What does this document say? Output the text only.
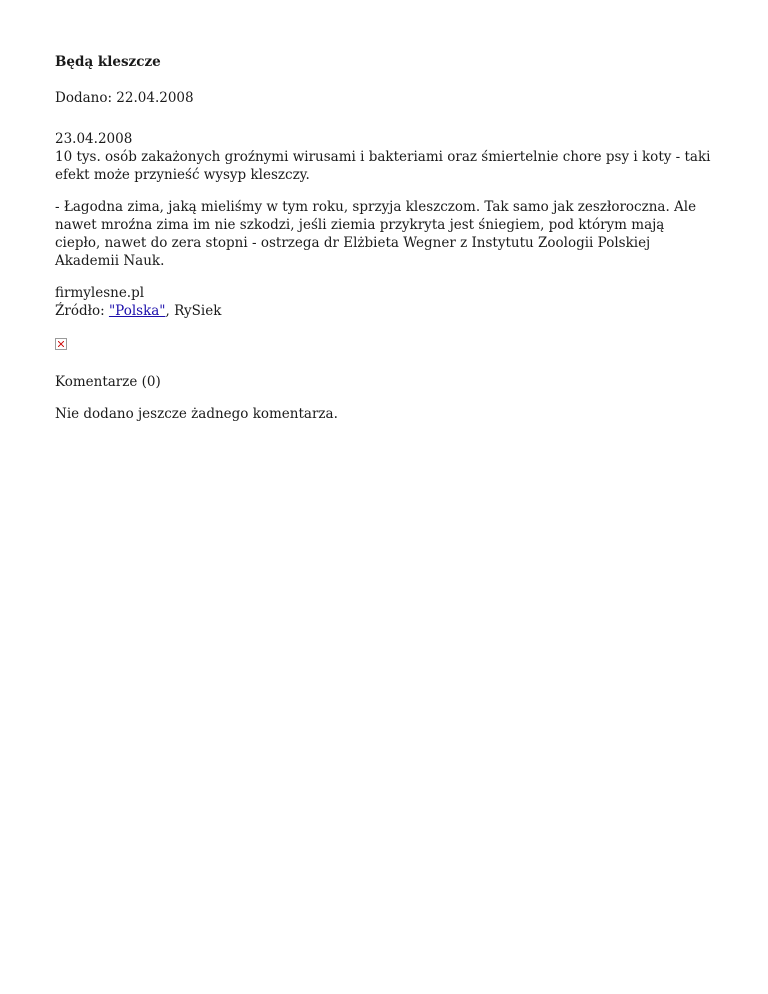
Będą kleszcze
Dodano: 22.04.2008
23.04.2008
10 tys. osób zakażonych groźnymi wirusami i bakteriami oraz śmiertelnie chore psy i koty - taki efekt może przynieść wysyp kleszczy.
- Łagodna zima, jaką mieliśmy w tym roku, sprzyja kleszczom. Tak samo jak zeszłoroczna. Ale nawet mroźna zima im nie szkodzi, jeśli ziemia przykryta jest śniegiem, pod którym mają ciepło, nawet do zera stopni - ostrzega dr Elżbieta Wegner z Instytutu Zoologii Polskiej Akademii Nauk.
firmylesne.pl
Źródło: "Polska", RySiek
Komentarze (0)
Nie dodano jeszcze żadnego komentarza.
